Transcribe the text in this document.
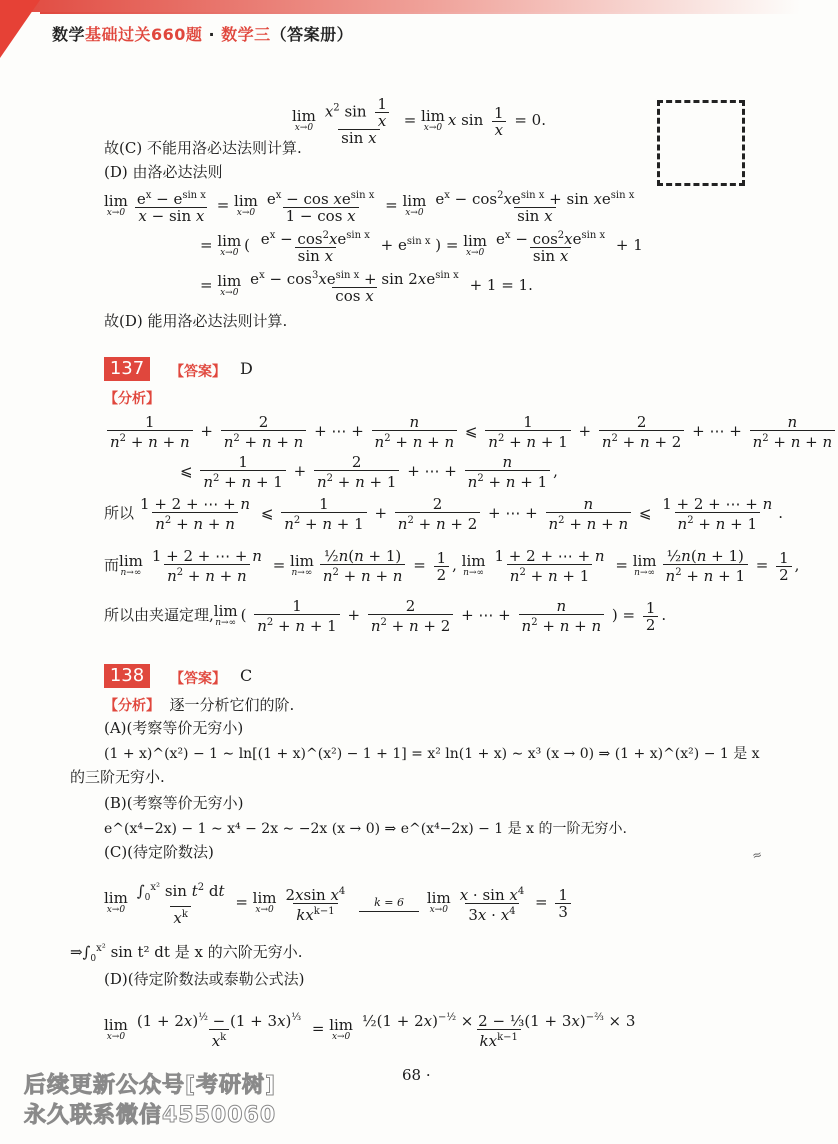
数学基础过关660题 · 数学三（答案册）
lim
$x\to 0 \frac{x^2 \sin \frac{1}{x}}{\text{sin x}} = \lim$
x→0 x $\sin \frac{1}{x} = 0$.
故(C) 不能用洛必达法则计算.
(D) 由洛必达法则
lim
$x\to 0 \frac{e^x - e^{sin x}}{\text{x − sin x}} = \lim$
$x\to 0 \frac{e^x - \cos xe^{sin x}}{\text{1 − cos x}} = \lim$
$x\to 0 \frac{e^x - \cos^2xe^{sin x} + \sin xe^{sin x}}{\text{sin x}}$
= lim
x→0 ( $\frac{e^x - \cos^2xe^{sin x}}{\text{sin x}} + e^{sin x}$ ) = lim
$x\to 0 \frac{e^x - \cos^2xe^{sin x}}{\text{sin x}} + 1$
= lim
$x\to 0 \frac{e^x - \cos^3xe^{sin x} + \sin 2xe^{sin x}}{\text{cos x}} + 1 = 1$.
故(D) 能用洛必达法则计算.
137	【答案】 D
【分析】
$\frac{1}{n^2 + n + n} + \frac{2}{n^2 + n + n}$ + ⋯ + $\frac{n}{n^2 + n + n}$ ⩽ $\frac{1}{n^2 + n + 1} + \frac{2}{n^2 + n + 2}$ + ⋯ + $\frac{n}{n^2 + n + n}$
⩽ $\frac{1}{n^2 + n + 1} + \frac{2}{n^2 + n + 1}$ + ⋯ + $\frac{n}{n^2 + n + 1}$ ,
所以 $\frac{1 + 2 + \cdots + n}{n^2 + n + n}$ ⩽ $\frac{1}{n^2 + n + 1} + \frac{2}{n^2 + n + 2}$ + ⋯ + $\frac{n}{n^2 + n + n}$ ⩽ $\frac{1 + 2 + \cdots + n}{n^2 + n + 1}$ .
而 lim
$n\to\infty \frac{1 + 2 + \cdots + n}{n^2 + n + n} = \lim$
$n\to\infty \frac{\text{½n(n + 1)}}{n^2 + n + n} = \frac{1}{2}$ , lim
$n\to\infty \frac{1 + 2 + \cdots + n}{n^2 + n + 1} = \lim$
$n\to\infty \frac{\text{½n(n + 1)}}{n^2 + n + 1} = \frac{1}{2}$ ,
所以由夹逼定理, lim
n→∞ ( $\frac{1}{n^2 + n + 1} + \frac{2}{n^2 + n + 2}$ + ⋯ + $\frac{n}{n^2 + n + n}$ ) = $\frac{1}{2}$ .
138	【答案】 C
【分析】 逐一分析它们的阶.
(A)(考察等价无穷小)
(1 + x)^(x²) − 1 ∼ ln[(1 + x)^(x²) − 1 + 1] = x² ln(1 + x) ∼ x³ (x → 0) ⇒ (1 + x)^(x²) − 1 是 x
的三阶无穷小.
(B)(考察等价无穷小)
e^(x⁴−2x) − 1 ∼ x⁴ − 2x ∼ −2x (x → 0) ⇒ e^(x⁴−2x) − 1 是 x 的一阶无穷小.
(C)(待定阶数法)
lim
$x\to 0 \frac{\int_0^{x^2} \sin t^2 dt}{x^k} = \lim$
$x\to 0 \frac{2xsin x^4}{kx^{k-1}}$
k = 6
lim
$x\to 0 \frac{x \cdot \sin x^4}{3x \cdot x^4} = \frac{1}{3}$
$\Rightarrow\int_0^{x^2}$ sin t² dt 是 x 的六阶无穷小.
(D)(待定阶数法或泰勒公式法)
lim
$x\to 0 \frac{(1 + 2x)^{\frac{1}{2}} - (1 + 3x)^{\frac{1}{3}}}{x^k} = \lim$
$x\to 0 \frac{\frac{1}{2}(1 + 2x)^{-\frac{1}{2}} \times 2 - \frac{1}{3}(1 + 3x)^{-\frac{2}{3}} \times 3}{kx^{k-1}}$
≈
68 ·
后续更新公众号[考研树]
永久联系微信4550060
